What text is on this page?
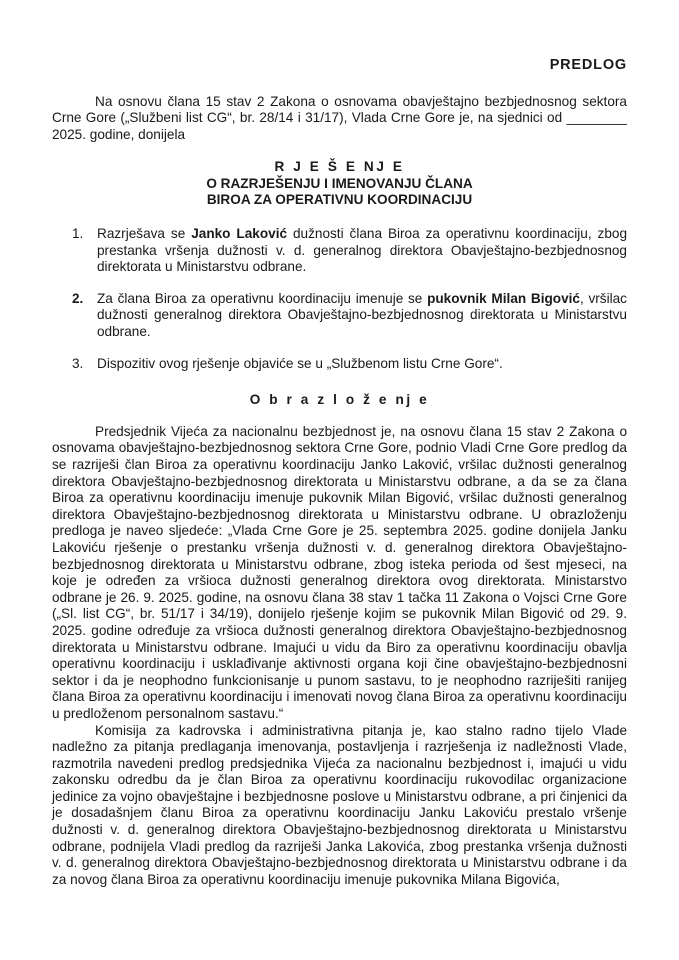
PREDLOG
Na osnovu člana 15 stav 2 Zakona o osnovama obavještajno bezbjednosnog sektora Crne Gore („Službeni list CG“, br. 28/14 i 31/17), Vlada Crne Gore je, na sjednici od ________ 2025. godine, donijela
R J E Š E NJ E
O RAZRJEŠENJU I IMENOVANJU ČLANA
BIROA ZA OPERATIVNU KOORDINACIJU
1.	Razrješava se Janko Laković dužnosti člana Biroa za operativnu koordinaciju, zbog prestanka vršenja dužnosti v. d. generalnog direktora Obavještajno-bezbjednosnog direktorata u Ministarstvu odbrane.
2.	Za člana Biroa za operativnu koordinaciju imenuje se pukovnik Milan Bigović, vršilac dužnosti generalnog direktora Obavještajno-bezbjednosnog direktorata u Ministarstvu odbrane.
3.	Dispozitiv ovog rješenje objaviće se u „Službenom listu Crne Gore“.
O b r a z l o ž e nj e
Predsjednik Vijeća za nacionalnu bezbjednost je, na osnovu člana 15 stav 2 Zakona o osnovama obavještajno-bezbjednosnog sektora Crne Gore, podnio Vladi Crne Gore predlog da se razriješi član Biroa za operativnu koordinaciju Janko Laković, vršilac dužnosti generalnog direktora Obavještajno-bezbjednosnog direktorata u Ministarstvu odbrane, a da se za člana Biroa za operativnu koordinaciju imenuje pukovnik Milan Bigović, vršilac dužnosti generalnog direktora Obavještajno-bezbjednosnog direktorata u Ministarstvu odbrane. U obrazloženju predloga je naveo sljedeće: „Vlada Crne Gore je 25. septembra 2025. godine donijela Janku Lakoviću rješenje o prestanku vršenja dužnosti v. d. generalnog direktora Obavještajno-bezbjednosnog direktorata u Ministarstvu odbrane, zbog isteka perioda od šest mjeseci, na koje je određen za vršioca dužnosti generalnog direktora ovog direktorata. Ministarstvo odbrane je 26. 9. 2025. godine, na osnovu člana 38 stav 1 tačka 11 Zakona o Vojsci Crne Gore („Sl. list CG“, br. 51/17 i 34/19), donijelo rješenje kojim se pukovnik Milan Bigović od 29. 9. 2025. godine određuje za vršioca dužnosti generalnog direktora Obavještajno-bezbjednosnog direktorata u Ministarstvu odbrane. Imajući u vidu da Biro za operativnu koordinaciju obavlja operativnu koordinaciju i usklađivanje aktivnosti organa koji čine obavještajno-bezbjednosni sektor i da je neophodno funkcionisanje u punom sastavu, to je neophodno razriješiti ranijeg člana Biroa za operativnu koordinaciju i imenovati novog člana Biroa za operativnu koordinaciju u predloženom personalnom sastavu.“
Komisija za kadrovska i administrativna pitanja je, kao stalno radno tijelo Vlade nadležno za pitanja predlaganja imenovanja, postavljenja i razrješenja iz nadležnosti Vlade, razmotrila navedeni predlog predsjednika Vijeća za nacionalnu bezbjednost i, imajući u vidu zakonsku odredbu da je član Biroa za operativnu koordinaciju rukovodilac organizacione jedinice za vojno obavještajne i bezbjednosne poslove u Ministarstvu odbrane, a pri činjenici da je dosadašnjem članu Biroa za operativnu koordinaciju Janku Lakoviću prestalo vršenje dužnosti v. d. generalnog direktora Obavještajno-bezbjednosnog direktorata u Ministarstvu odbrane, podnijela Vladi predlog da razriješi Janka Lakovića, zbog prestanka vršenja dužnosti v. d. generalnog direktora Obavještajno-bezbjednosnog direktorata u Ministarstvu odbrane i da za novog člana Biroa za operativnu koordinaciju imenuje pukovnika Milana Bigovića,
